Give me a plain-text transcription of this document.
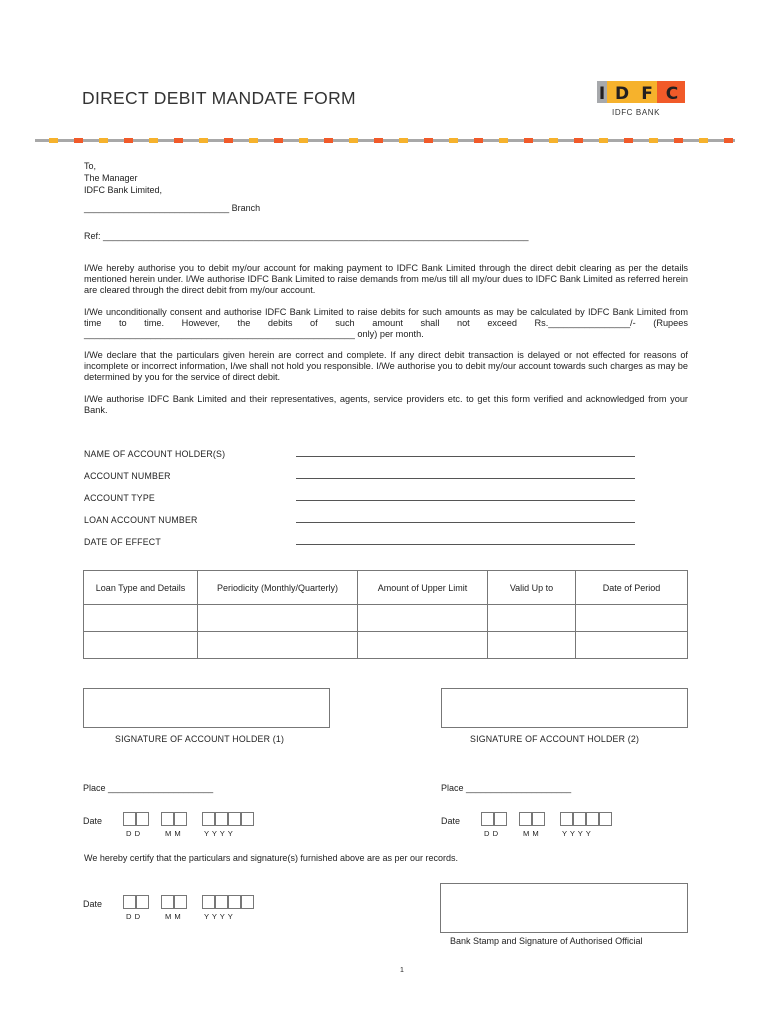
DIRECT DEBIT MANDATE FORM	I D F C
IDFC BANK
To,
The Manager
IDFC Bank Limited,
_____________________________ Branch
Ref: _____________________________________________________________________________________
I/We hereby authorise you to debit my/our account for making payment to IDFC Bank Limited through the direct debit clearing as per the details mentioned herein under. I/We authorise IDFC Bank Limited to raise demands from me/us till all my/our dues to IDFC Bank Limited as referred herein are cleared through the direct debit from my/our account.
I/We unconditionally consent and authorise IDFC Bank Limited to raise debits for such amounts as may be calculated by IDFC Bank Limited from time to time. However, the debits of such amount shall not exceed Rs.________________/- (Rupees _____________________________________________________ only) per month.
I/We declare that the particulars given herein are correct and complete. If any direct debit transaction is delayed or not effected for reasons of incomplete or incorrect information, I/we shall not hold you responsible. I/We authorise you to debit my/our account towards such charges as may be determined by you for the service of direct debit.
I/We authorise IDFC Bank Limited and their representatives, agents, service providers etc. to get this form verified and acknowledged from your Bank.
NAME OF ACCOUNT HOLDER(S)
ACCOUNT NUMBER
ACCOUNT TYPE
LOAN ACCOUNT NUMBER
DATE OF EFFECT
Loan Type and Details	Periodicity (Monthly/Quarterly)	Amount of Upper Limit	Valid Up to	Date of Period

SIGNATURE OF ACCOUNT HOLDER (1)	SIGNATURE OF ACCOUNT HOLDER (2)
Place _____________________	Place _____________________
Date
D D	M M	Y Y Y Y
Date
D D	M M	Y Y Y Y
We hereby certify that the particulars and signature(s) furnished above are as per our records.
Date
D D	M M	Y Y Y Y
Bank Stamp and Signature of Authorised Official
1
